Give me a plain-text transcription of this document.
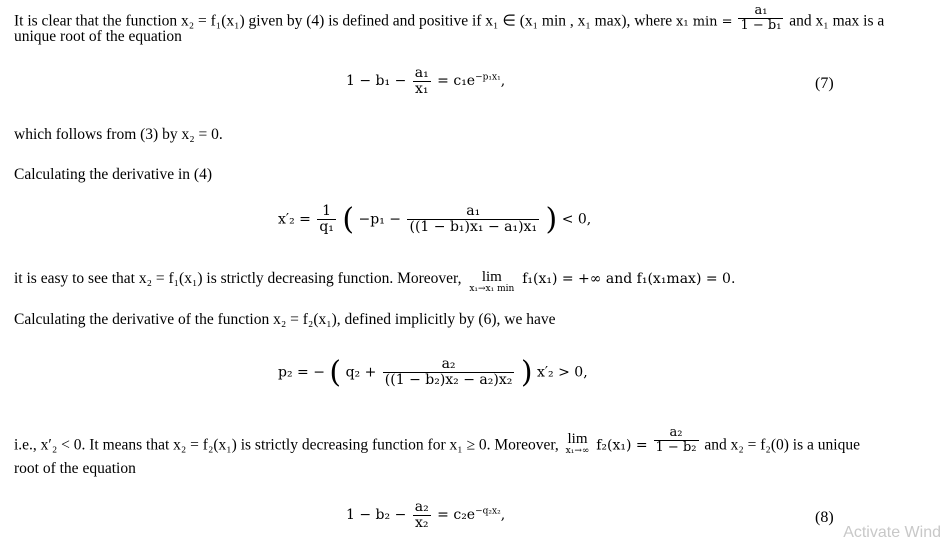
It is clear that the function x₂ = f₁(x₁) given by (4) is defined and positive if x₁ ∈ (x₁ min , x₁ max), where x₁ $\min = \frac{\text{a₁}}{\text{1 − b₁}}$ and x₁ max is a
unique root of the equation
$1 - b_1 - \frac{\text{a₁}}{\text{x₁}} = c_1e^{-p_1x_1}$,	(7)
which follows from (3) by x₂ = 0.
Calculating the derivative in (4)
$x'_2 = \frac{1}{\text{q₁}}$ ( $-p_1 - \frac{\text{a₁}}{\text{((1 − b₁)x₁ − a₁)x₁}}$ ) < 0,
it is easy to see that x₂ = f₁(x₁) is strictly decreasing function. Moreover,	lim
x₁→x₁ min
f₁(x₁) = +∞ and f₁(x₁max) = 0.
Calculating the derivative of the function x₂ = f₂(x₁), defined implicitly by (6), we have
p₂ = − ( $q_2 + \frac{\text{a₂}}{\text{((1 − b₂)x₂ − a₂)x₂}}$ ) x′₂ > 0,
i.e., x′₂ < 0. It means that x₂ = f₂(x₁) is strictly decreasing function for x₁ ≥ 0. Moreover, lim
x₁→∞ $f_2(x_1) = \frac{\text{a₂}}{\text{1 − b₂}}$ and x₂ = f₂(0) is a unique
root of the equation
$1 - b_2 - \frac{\text{a₂}}{\text{x₂}} = c_2e^{-q_2x_2}$,	(8)
Activate Wind
